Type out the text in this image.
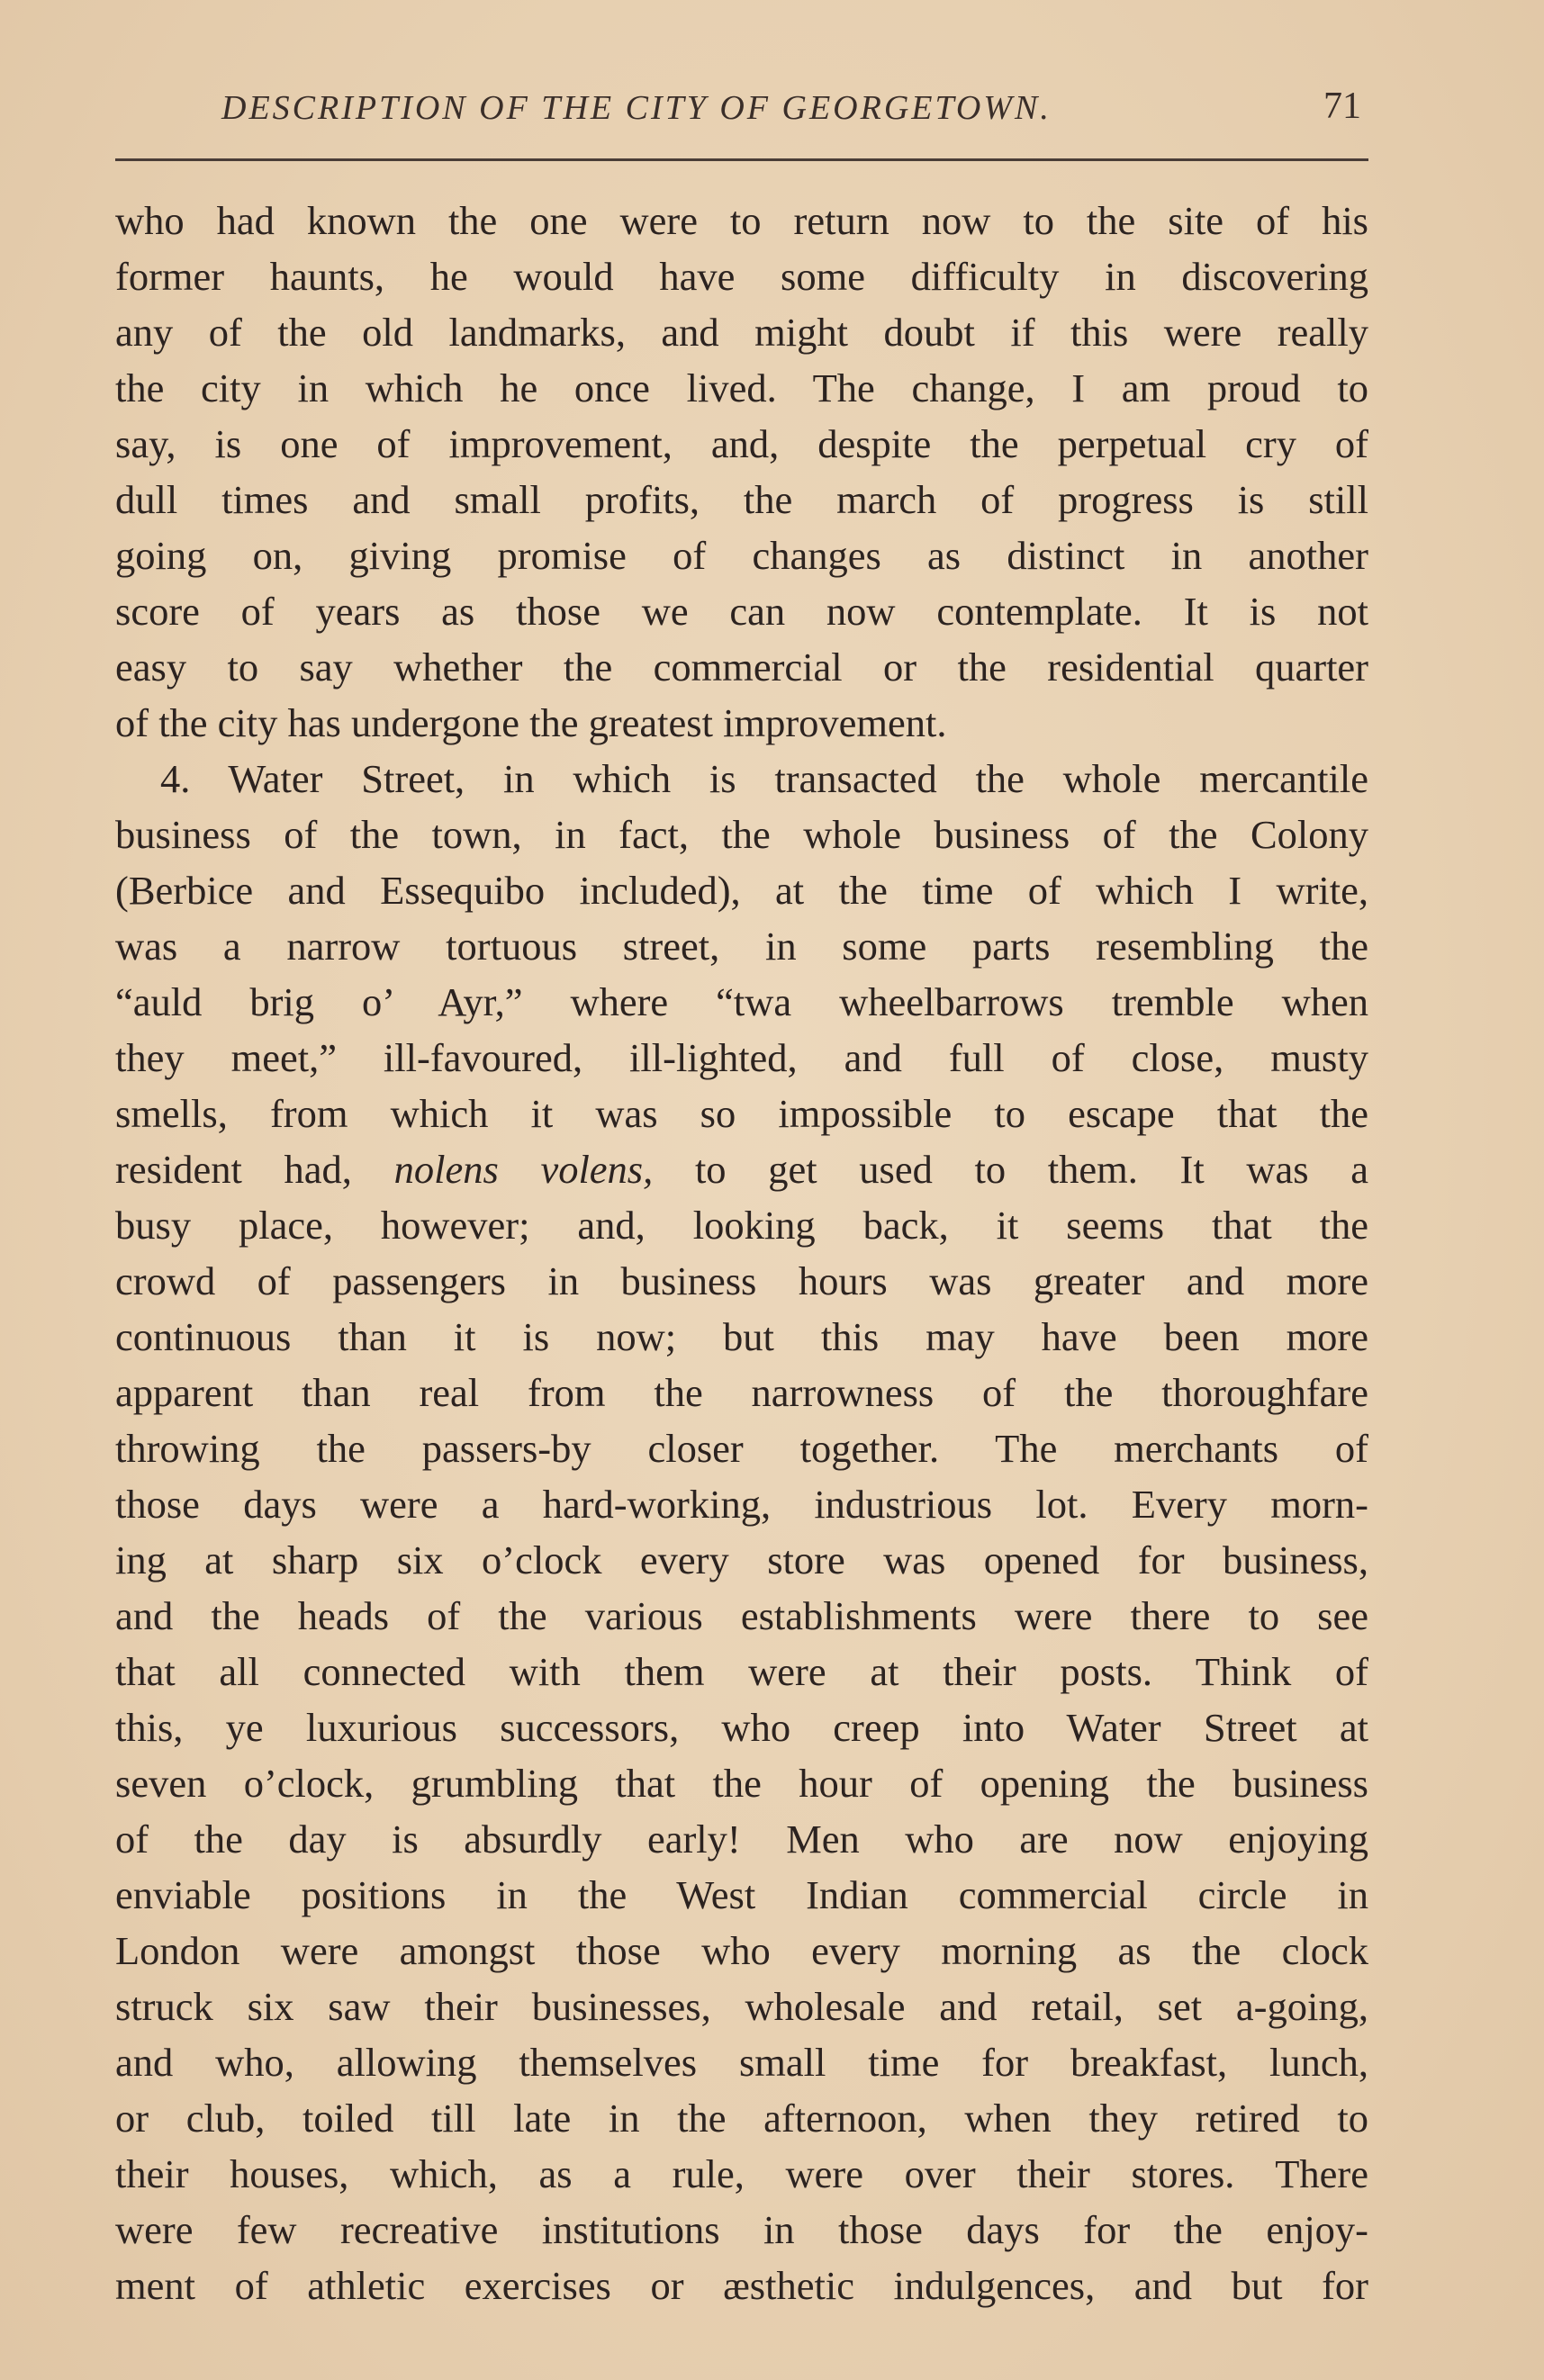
DESCRIPTION OF THE CITY OF GEORGETOWN.	71
who had known the one were to return now to the site of his
former haunts, he would have some difficulty in discovering
any of the old landmarks, and might doubt if this were really
the city in which he once lived. The change, I am proud to
say, is one of improvement, and, despite the perpetual cry of
dull times and small profits, the march of progress is still
going on, giving promise of changes as distinct in another
score of years as those we can now contemplate. It is not
easy to say whether the commercial or the residential quarter
of the city has undergone the greatest improvement.
4. Water Street, in which is transacted the whole mercantile
business of the town, in fact, the whole business of the Colony
(Berbice and Essequibo included), at the time of which I write,
was a narrow tortuous street, in some parts resembling the
“auld brig o’ Ayr,” where “twa wheelbarrows tremble when
they meet,” ill-favoured, ill-lighted, and full of close, musty
smells, from which it was so impossible to escape that the
resident had, nolens volens, to get used to them. It was a
busy place, however; and, looking back, it seems that the
crowd of passengers in business hours was greater and more
continuous than it is now; but this may have been more
apparent than real from the narrowness of the thoroughfare
throwing the passers-by closer together. The merchants of
those days were a hard-working, industrious lot. Every morn-
ing at sharp six o’clock every store was opened for business,
and the heads of the various establishments were there to see
that all connected with them were at their posts. Think of
this, ye luxurious successors, who creep into Water Street at
seven o’clock, grumbling that the hour of opening the business
of the day is absurdly early! Men who are now enjoying
enviable positions in the West Indian commercial circle in
London were amongst those who every morning as the clock
struck six saw their businesses, wholesale and retail, set a-going,
and who, allowing themselves small time for breakfast, lunch,
or club, toiled till late in the afternoon, when they retired to
their houses, which, as a rule, were over their stores. There
were few recreative institutions in those days for the enjoy-
ment of athletic exercises or æsthetic indulgences, and but for
